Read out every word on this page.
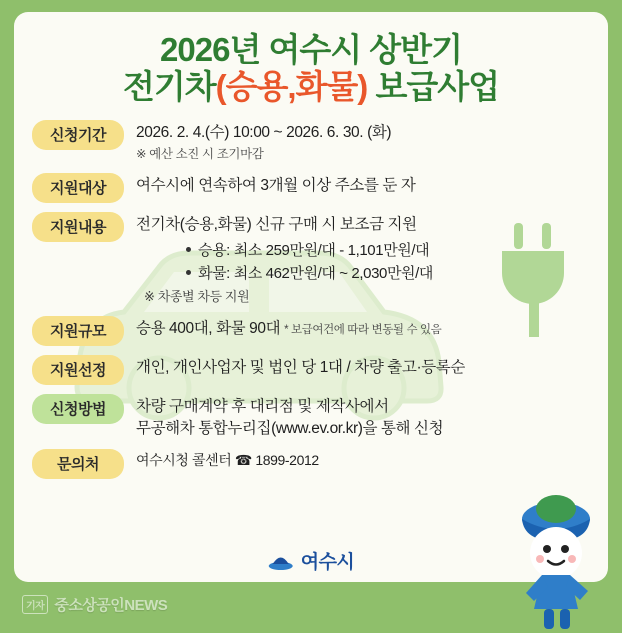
2026년 여수시 상반기
전기차(승용,화물) 보급사업
신청기간	2026. 2. 4.(수) 10:00 ~ 2026. 6. 30. (화)
※ 예산 소진 시 조기마감
지원대상	여수시에 연속하여 3개월 이상 주소를 둔 자
지원내용	전기차(승용,화물) 신규 구매 시 보조금 지원
승용: 최소 259만원/대 - 1,101만원/대
화물: 최소 462만원/대 ~ 2,030만원/대
※ 차종별 차등 지원
지원규모	승용 400대, 화물 90대 * 보급여건에 따라 변동될 수 있음
지원선정	개인, 개인사업자 및 법인 당 1대 / 차량 출고·등록순
신청방법	차량 구매계약 후 대리점 및 제작사에서
무공해차 통합누리집(www.ev.or.kr)을 통해 신청
문의처	여수시청 콜센터 ☎ 1899-2012
여수시
기자 중소상공인NEWS
